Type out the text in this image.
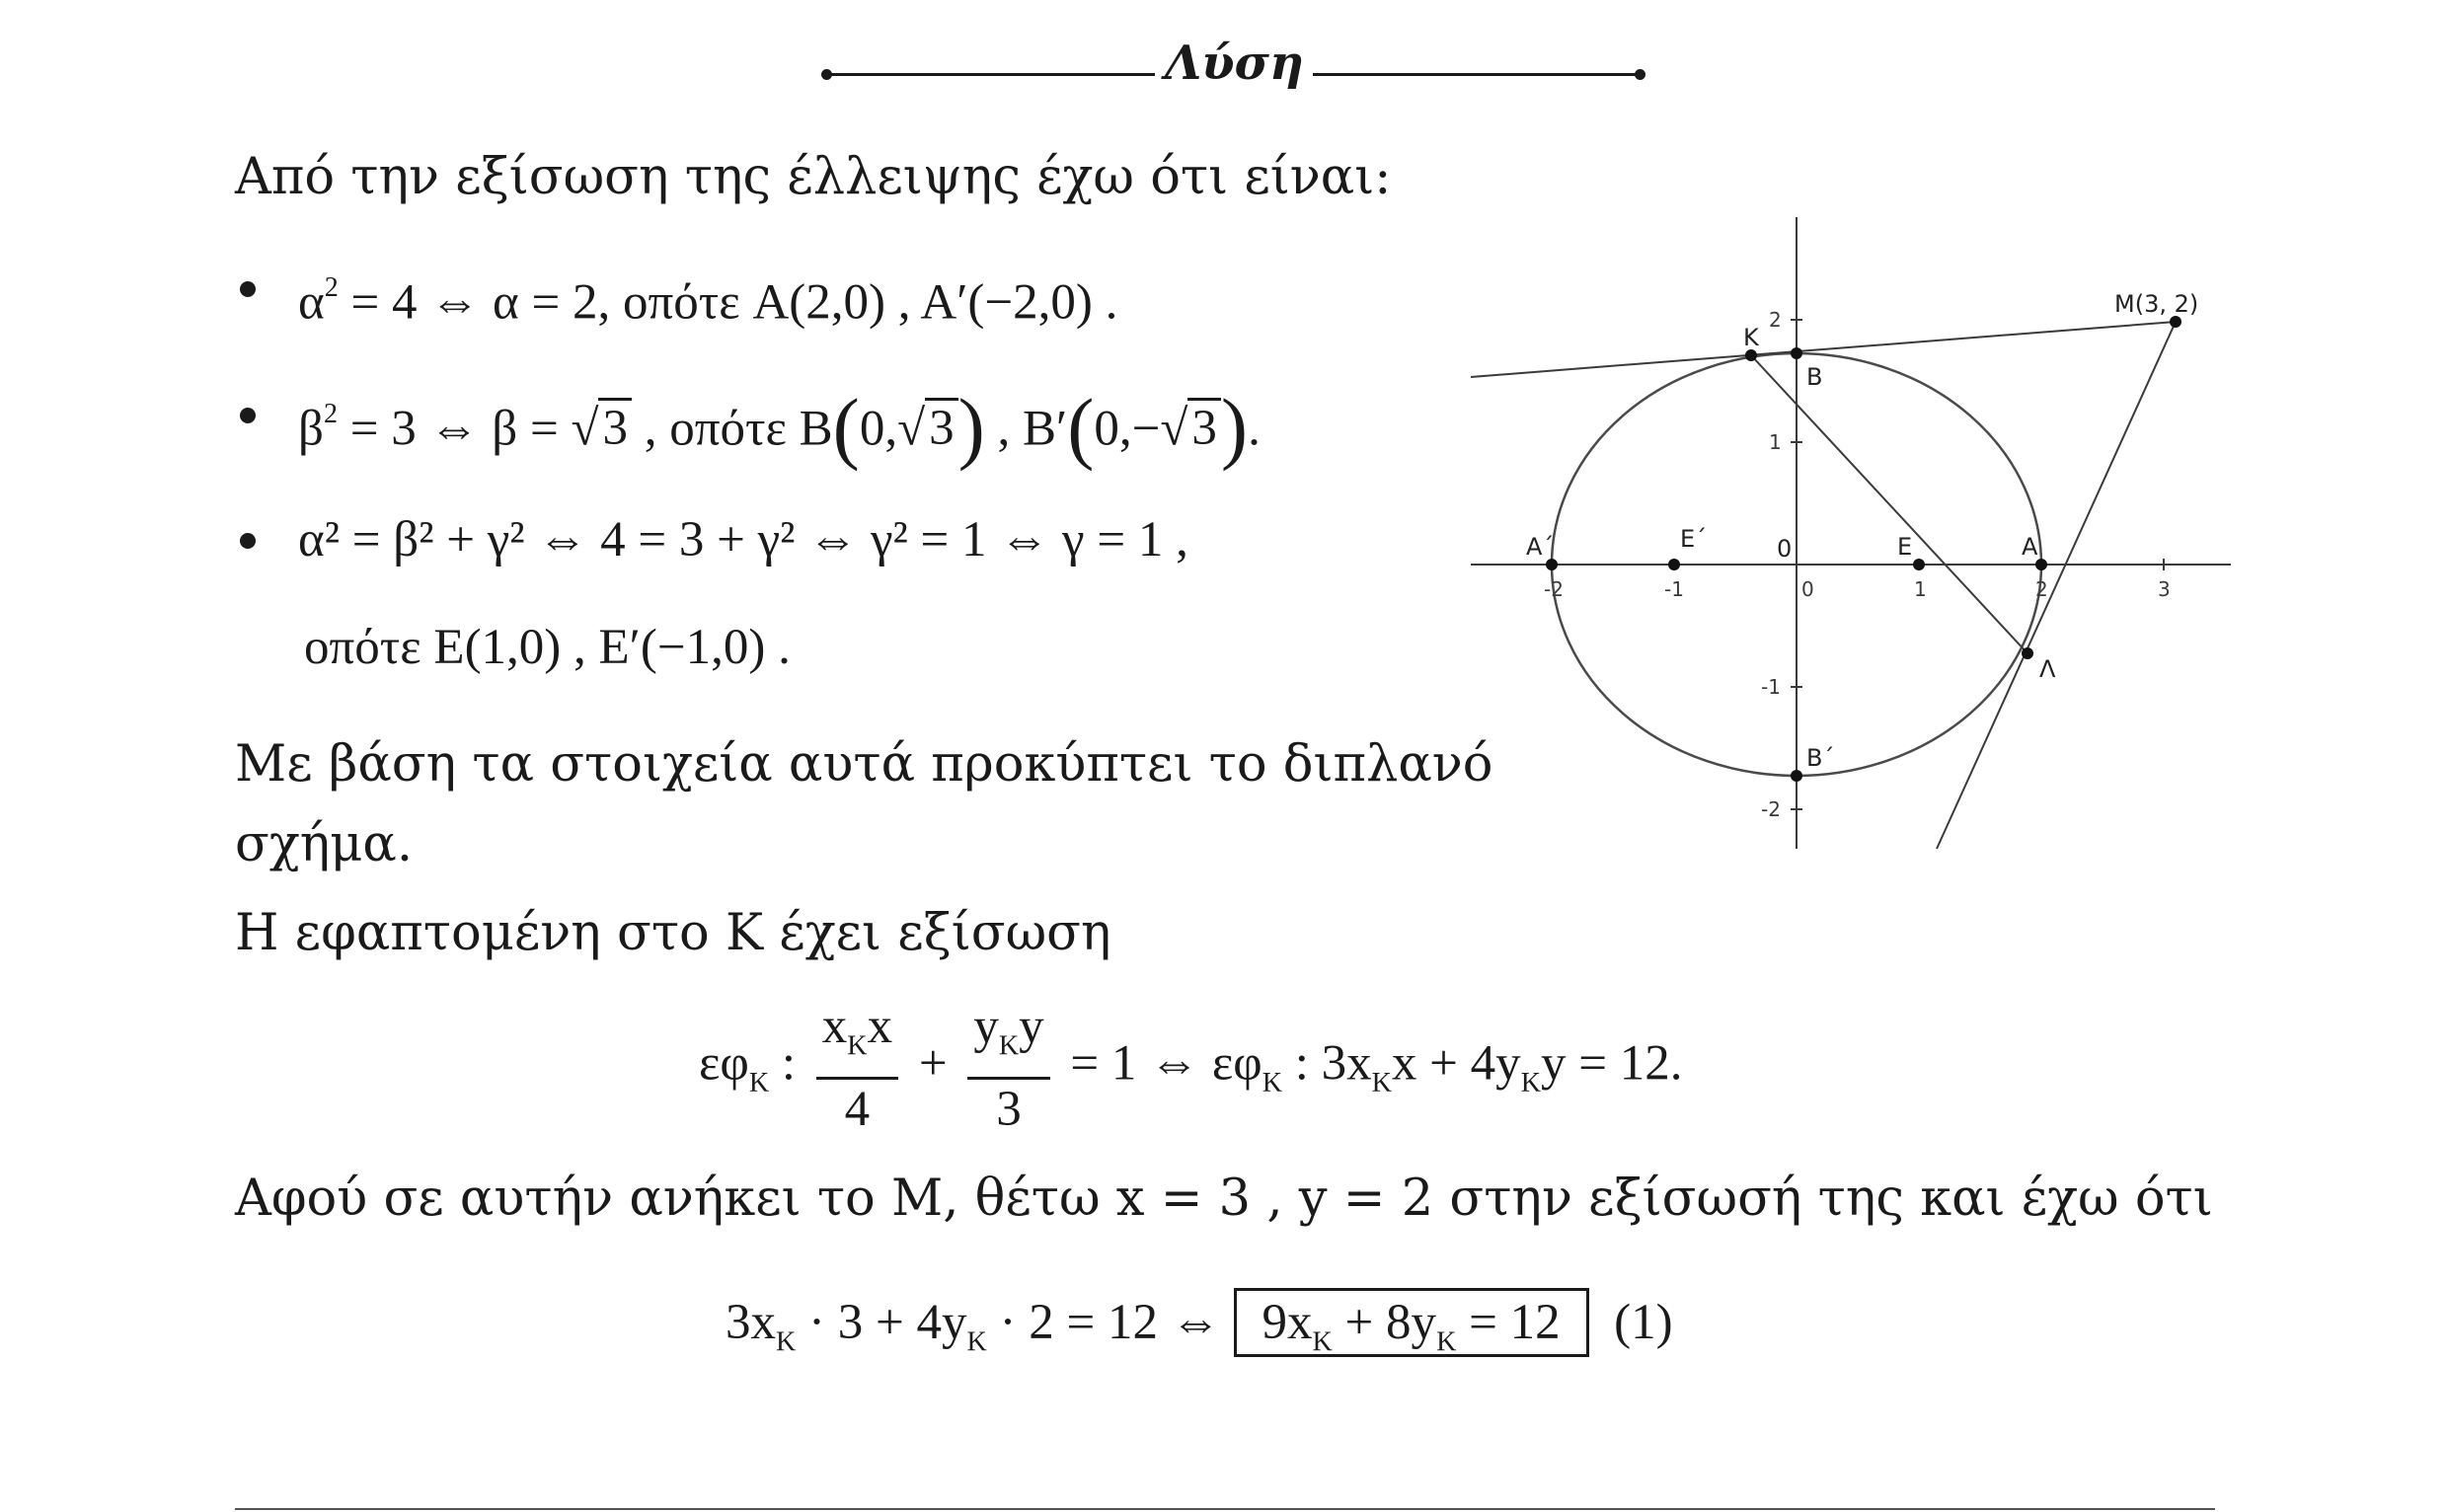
Λύση
Από την εξίσωση της έλλειψης έχω ότι είναι:
$\alpha^2 = 4$ ⇔ α = 2, οπότε A(2,0) , A′(−2,0) .
$\beta^2 = 3$ ⇔ β = √3 , οπότε B(0,√3) , B′(0,−√3).
α² = β² + γ² ⇔ 4 = 3 + γ² ⇔ γ² = 1 ⇔ γ = 1 ,
οπότε E(1,0) , E′(−1,0) .
Με βάση τα στοιχεία αυτά προκύπτει το διπλανό
σχήμα.
Η εφαπτομένη στο Κ έχει εξίσωση
$\varepsilon\varphi_K$ : $\frac{x_Kx}{4} + \frac{y_Ky}{3} = 1$ ⇔ $\varepsilon\varphi_K$ : $3x_Kx + 4y_Ky = 12$.
Αφού σε αυτήν ανήκει το Μ, θέτω x = 3 , y = 2 στην εξίσωσή της και έχω ότι
$3x_K \cdot 3 + 4y_K \cdot 2 = 12$ ⇔ $9x_K + 8y_K = 12$ (1)
-2	-1	0	1	2	3
2
1
-1
-2
K
B
M(3, 2)
A΄	E΄	0	E	A
Λ
B΄
